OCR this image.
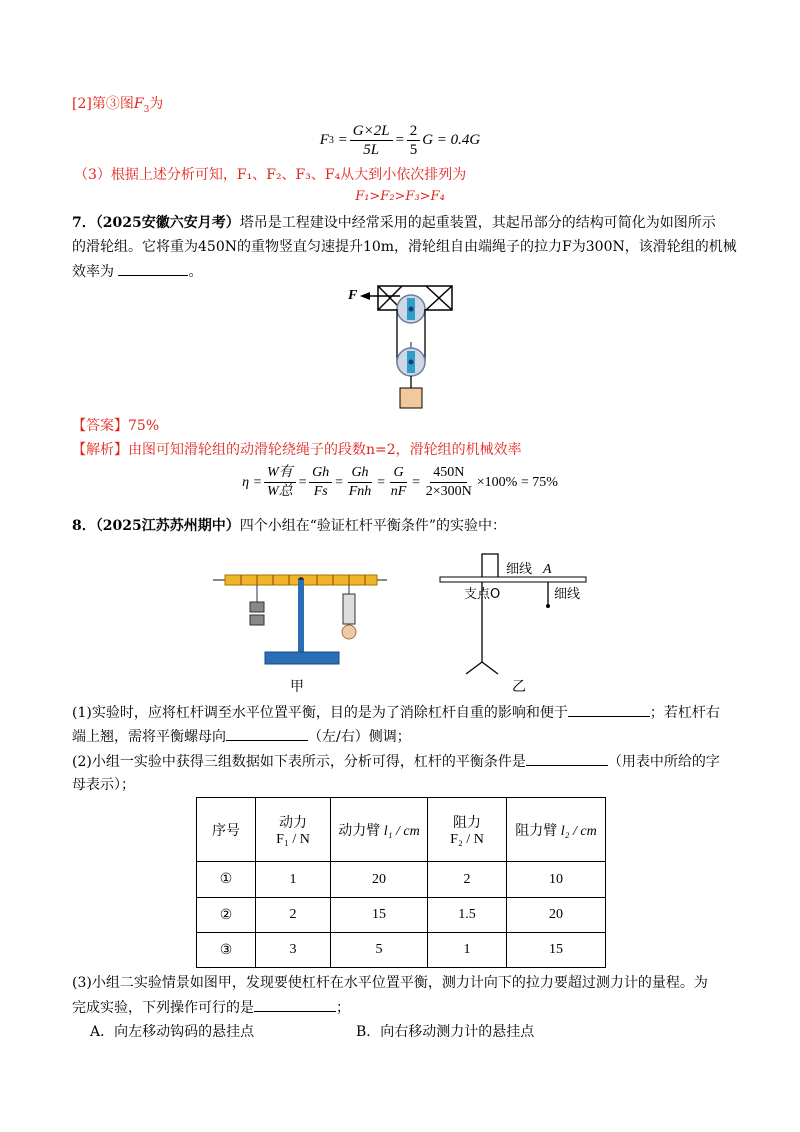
[2]第③图$F_3$为
F $3 = \frac{G\times 2L}{5L} = \frac{2}{5}$ G = 0.4G
（3）根据上述分析可知，F₁、F₂、F₃、F₄从大到小依次排列为
F₁>F₂>F₃>F₄
7．（2025安徽六安月考）塔吊是工程建设中经常采用的起重装置，其起吊部分的结构可简化为如图所示
的滑轮组。它将重为450N的重物竖直匀速提升10m，滑轮组自由端绳子的拉力F为300N，该滑轮组的机械
效率为	。
F
【答案】75%
【解析】由图可知滑轮组的动滑轮绕绳子的段数n=2，滑轮组的机械效率
$\eta = \frac{\text{W有}}{\text{W总}} = \frac{Gh}{Fs} = \frac{Gh}{\text{Fnh}} = \frac{G}{nF} = \frac{450N}{2\times 300N} \times 100\% = 75\%$
8．（2025江苏苏州期中）四个小组在“验证杠杆平衡条件”的实验中：
甲
细线 A
支点O	细线
乙
(1)实验时，应将杠杆调至水平位置平衡，目的是为了消除杠杆自重的影响和便于	；若杠杆右
端上翘，需将平衡螺母向	（左/右）侧调；
(2)小组一实验中获得三组数据如下表所示，分析可得，杠杆的平衡条件是	（用表中所给的字
母表示）；
序号	动力
F₁ / N	动力臂 l₁ / cm	阻力
F₂ / N	阻力臂 l₂ / cm
①	1	20	2	10
②	2	15	1.5	20
③	3	5	1	15
(3)小组二实验情景如图甲，发现要使杠杆在水平位置平衡，测力计向下的拉力要超过测力计的量程。为
完成实验，下列操作可行的是	；
A．向左移动钩码的悬挂点	B．向右移动测力计的悬挂点
